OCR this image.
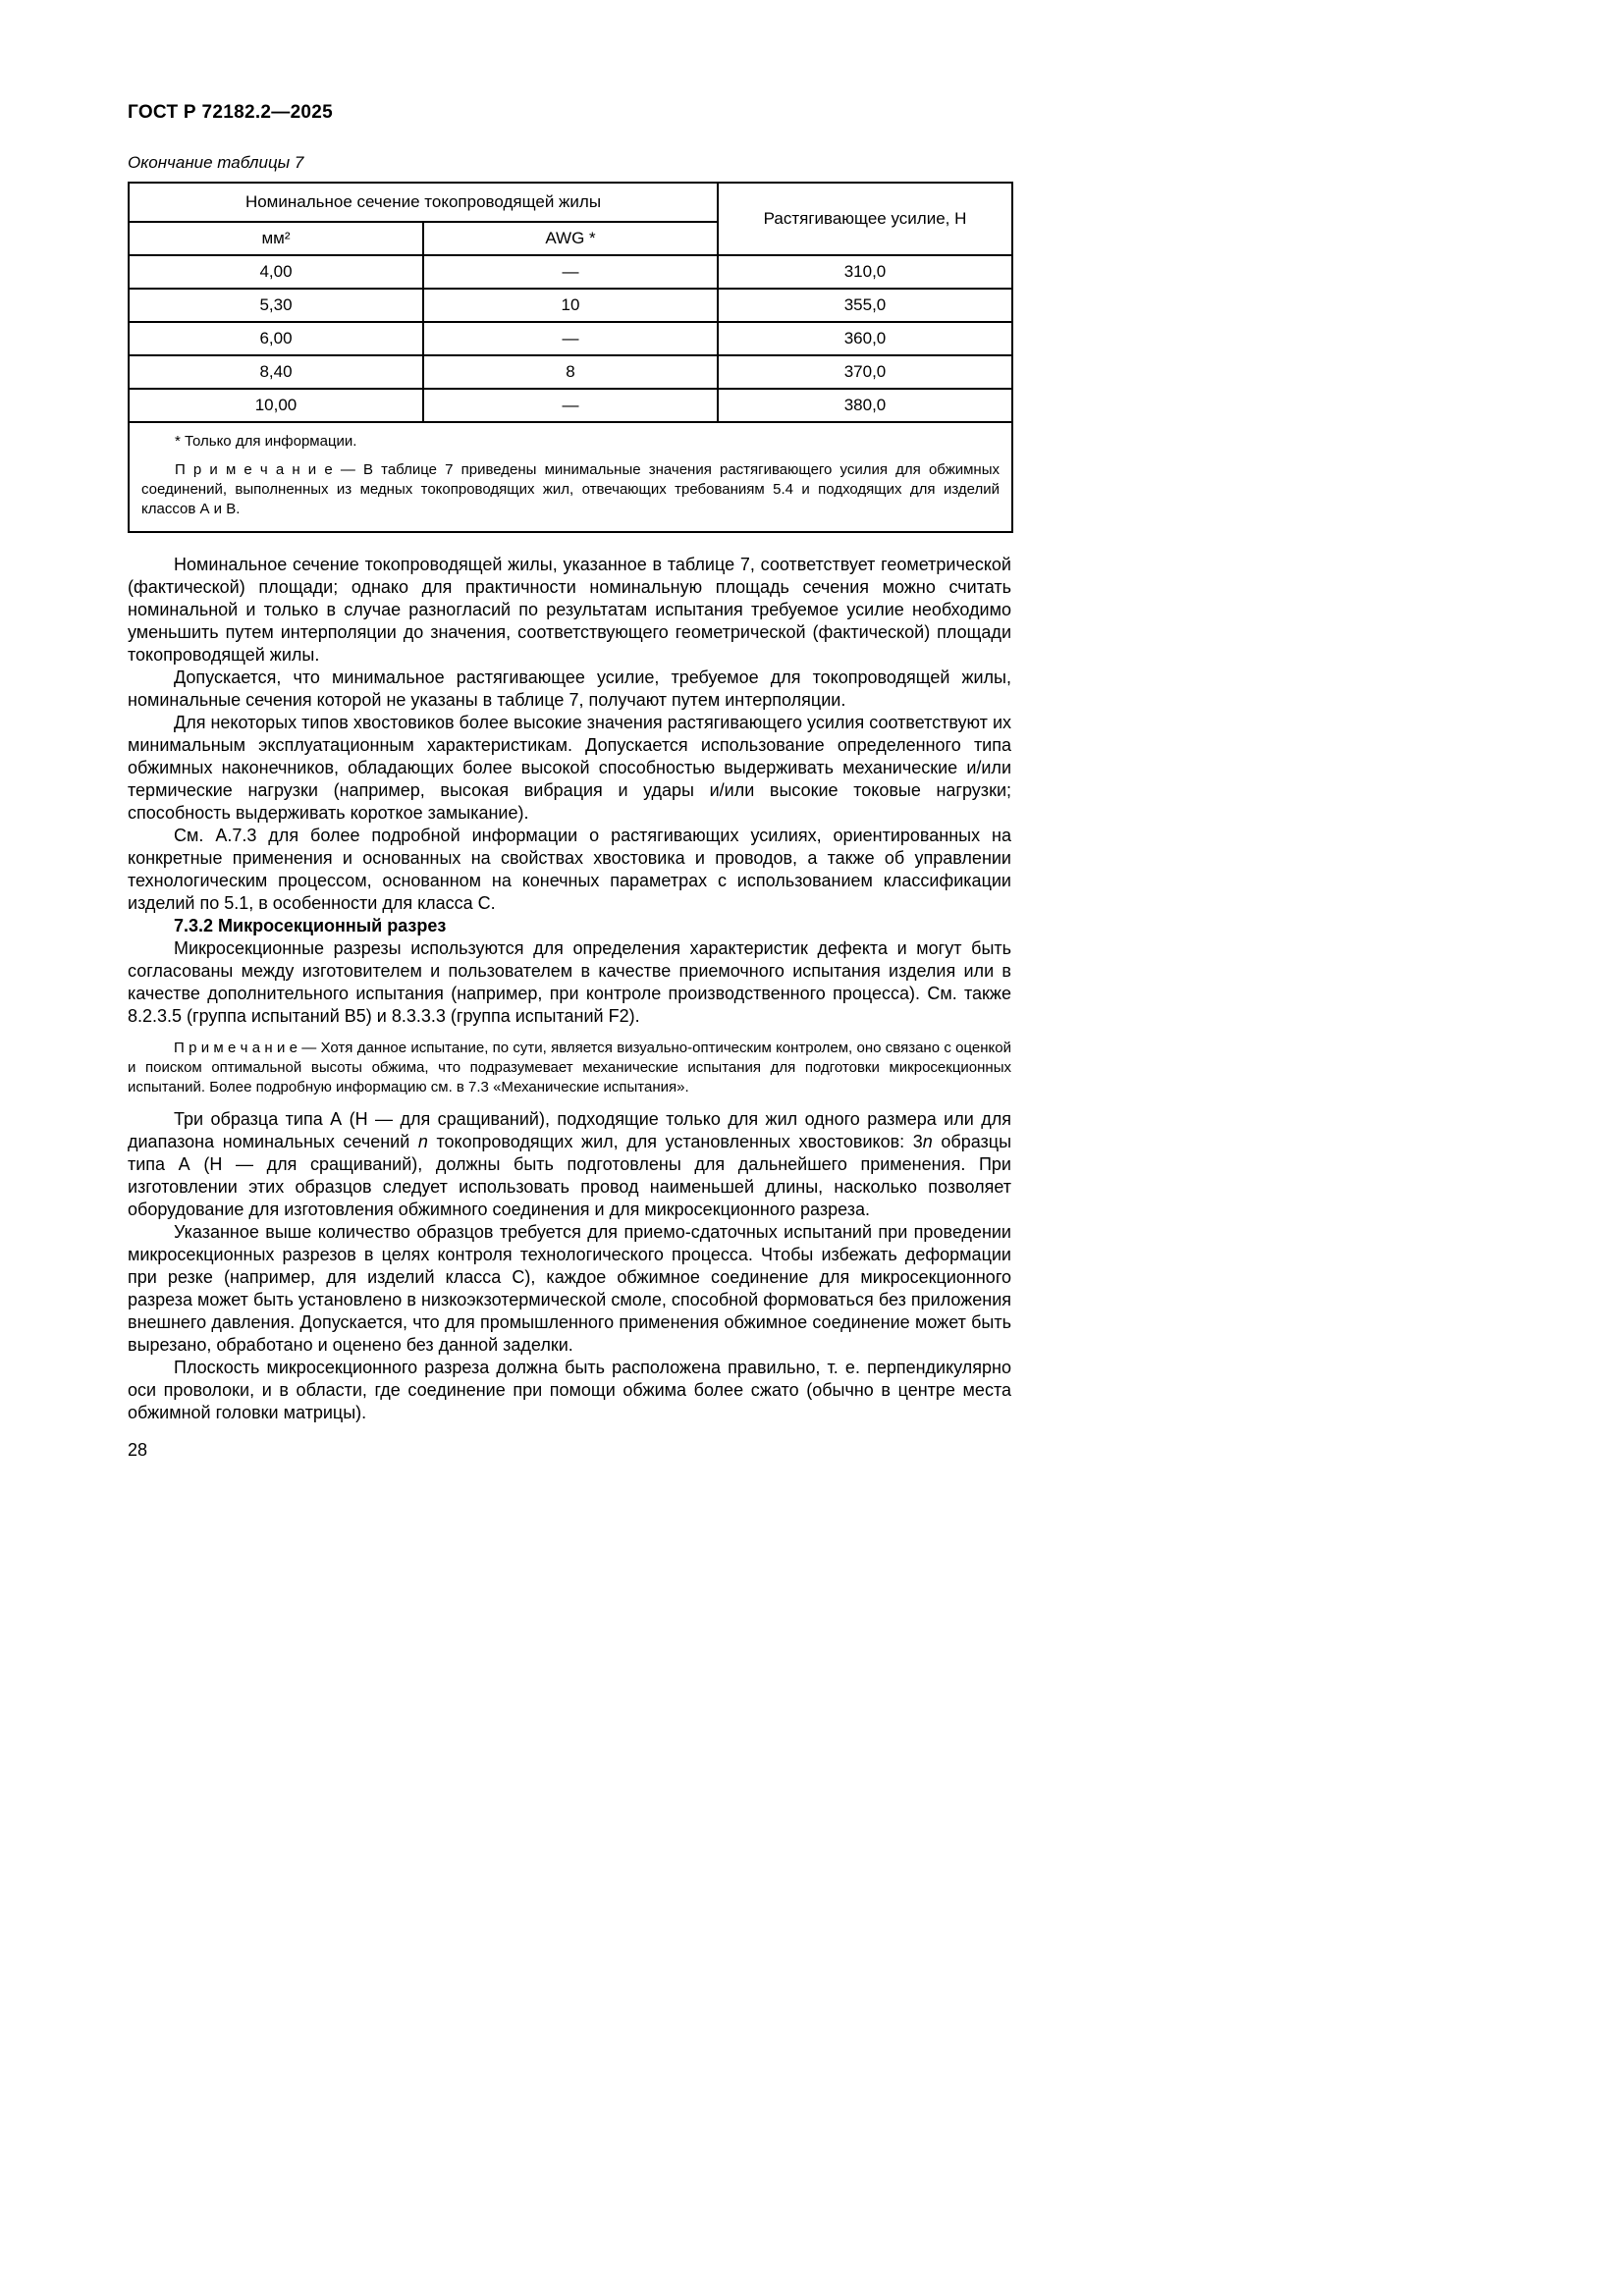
ГОСТ Р 72182.2—2025
Окончание таблицы 7
Номинальное сечение токопроводящей жилы		Растягивающее усилие, Н
мм²	AWG *	
4,00	—	310,0
5,30	10	355,0
6,00	—	360,0
8,40	8	370,0
10,00	—	380,0

* Только для информации.

П р и м е ч а н и е — В таблице 7 приведены минимальные значения растягивающего усилия для обжимных соединений, выполненных из медных токопроводящих жил, отвечающих требованиям 5.4 и подходящих для изделий классов А и В.		

Номинальное сечение токопроводящей жилы, указанное в таблице 7, соответствует геометрической (фактической) площади; однако для практичности номинальную площадь сечения можно считать номинальной и только в случае разногласий по результатам испытания требуемое усилие необходимо уменьшить путем интерполяции до значения, соответствующего геометрической (фактической) площади токопроводящей жилы.

Допускается, что минимальное растягивающее усилие, требуемое для токопроводящей жилы, номинальные сечения которой не указаны в таблице 7, получают путем интерполяции.

Для некоторых типов хвостовиков более высокие значения растягивающего усилия соответствуют их минимальным эксплуатационным характеристикам. Допускается использование определенного типа обжимных наконечников, обладающих более высокой способностью выдерживать механические и/или термические нагрузки (например, высокая вибрация и удары и/или высокие токовые нагрузки; способность выдерживать короткое замыкание).

См. А.7.3 для более подробной информации о растягивающих усилиях, ориентированных на конкретные применения и основанных на свойствах хвостовика и проводов, а также об управлении технологическим процессом, основанном на конечных параметрах с использованием классификации изделий по 5.1, в особенности для класса С.

7.3.2 Микросекционный разрез

Микросекционные разрезы используются для определения характеристик дефекта и могут быть согласованы между изготовителем и пользователем в качестве приемочного испытания изделия или в качестве дополнительного испытания (например, при контроле производственного процесса). См. также 8.2.3.5 (группа испытаний В5) и 8.3.3.3 (группа испытаний F2).

П р и м е ч а н и е — Хотя данное испытание, по сути, является визуально-оптическим контролем, оно связано с оценкой и поиском оптимальной высоты обжима, что подразумевает механические испытания для подготовки микросекционных испытаний. Более подробную информацию см. в 7.3 «Механические испытания».

Три образца типа А (Н — для сращиваний), подходящие только для жил одного размера или для диапазона номинальных сечений n токопроводящих жил, для установленных хвостовиков: 3n образцы типа А (Н — для сращиваний), должны быть подготовлены для дальнейшего применения. При изготовлении этих образцов следует использовать провод наименьшей длины, насколько позволяет оборудование для изготовления обжимного соединения и для микросекционного разреза.

Указанное выше количество образцов требуется для приемо-сдаточных испытаний при проведении микросекционных разрезов в целях контроля технологического процесса. Чтобы избежать деформации при резке (например, для изделий класса С), каждое обжимное соединение для микросекционного разреза может быть установлено в низкоэкзотермической смоле, способной формоваться без приложения внешнего давления. Допускается, что для промышленного применения обжимное соединение может быть вырезано, обработано и оценено без данной заделки.

Плоскость микросекционного разреза должна быть расположена правильно, т. е. перпендикулярно оси проволоки, и в области, где соединение при помощи обжима более сжато (обычно в центре места обжимной головки матрицы).

28
